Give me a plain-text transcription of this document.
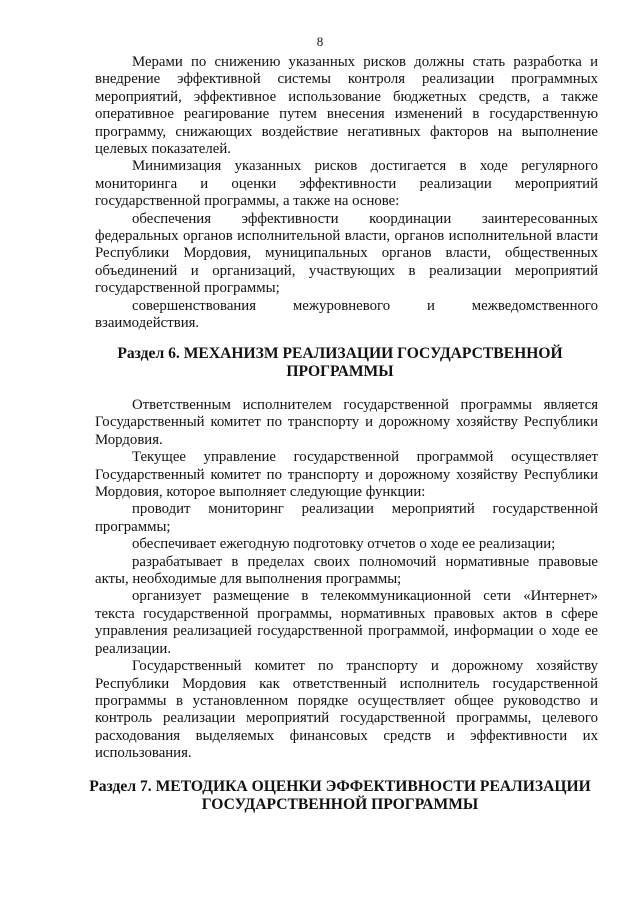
8

Мерами по снижению указанных рисков должны стать разработка и внедрение эффективной системы контроля реализации программных мероприятий, эффективное использование бюджетных средств, а также оперативное реагирование путем внесения изменений в государственную программу, снижающих воздействие негативных факторов на выполнение целевых показателей.

Минимизация указанных рисков достигается в ходе регулярного мониторинга и оценки эффективности реализации мероприятий государственной программы, а также на основе:

обеспечения эффективности координации заинтересованных федеральных органов исполнительной власти, органов исполнительной власти Республики Мордовия, муниципальных органов власти, общественных объединений и организаций, участвующих в реализации мероприятий государственной программы;

совершенствования межуровневого и межведомственного взаимодействия.

Раздел 6. МЕХАНИЗМ РЕАЛИЗАЦИИ ГОСУДАРСТВЕННОЙ
ПРОГРАММЫ

Ответственным исполнителем государственной программы является Государственный комитет по транспорту и дорожному хозяйству Республики Мордовия.

Текущее управление государственной программой осуществляет Государственный комитет по транспорту и дорожному хозяйству Республики Мордовия, которое выполняет следующие функции:

проводит мониторинг реализации мероприятий государственной программы;

обеспечивает ежегодную подготовку отчетов о ходе ее реализации;

разрабатывает в пределах своих полномочий нормативные правовые акты, необходимые для выполнения программы;

организует размещение в телекоммуникационной сети «Интернет» текста государственной программы, нормативных правовых актов в сфере управления реализацией государственной программой, информации о ходе ее реализации.

Государственный комитет по транспорту и дорожному хозяйству Республики Мордовия как ответственный исполнитель государственной программы в установленном порядке осуществляет общее руководство и контроль реализации мероприятий государственной программы, целевого расходования выделяемых финансовых средств и эффективности их использования.

Раздел 7. МЕТОДИКА ОЦЕНКИ ЭФФЕКТИВНОСТИ РЕАЛИЗАЦИИ
ГОСУДАРСТВЕННОЙ ПРОГРАММЫ
